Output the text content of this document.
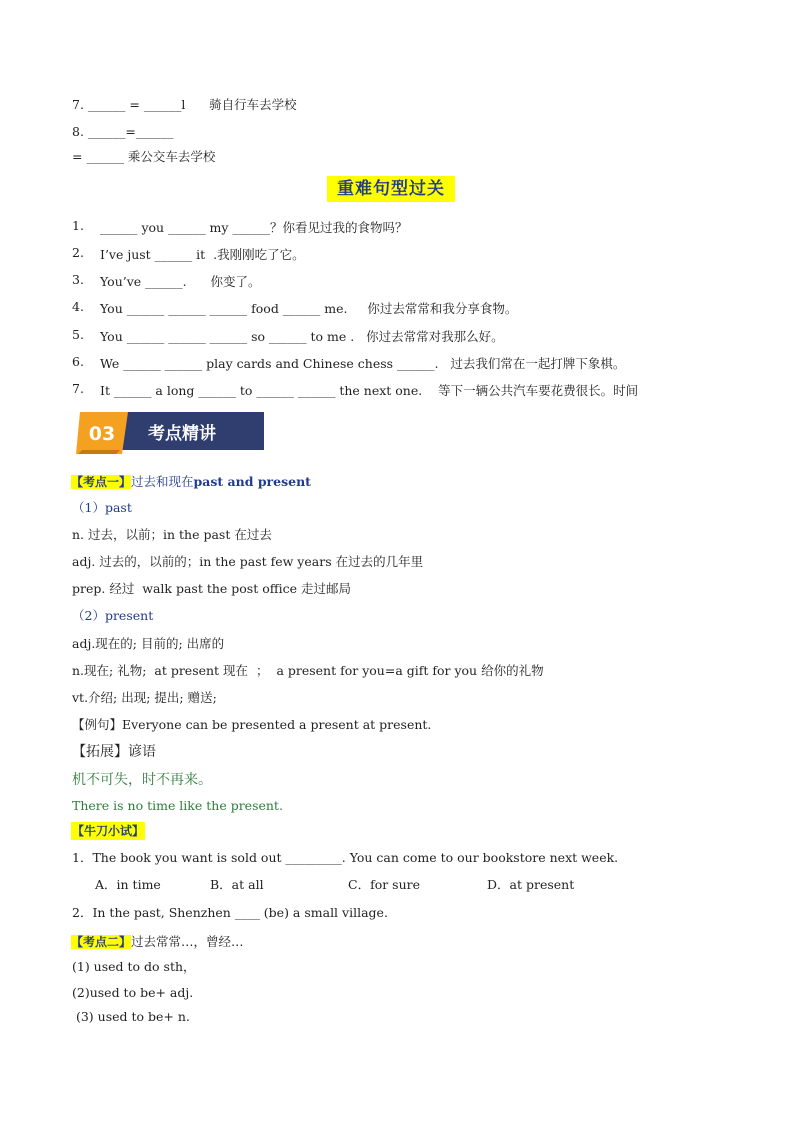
7. ______ = ______l      骑自行车去学校
8. ______=______
= ______ 乘公交车去学校
重难句型过关
1. ______ you ______ my ______？你看见过我的食物吗？
2. I’ve just ______ it  .我刚刚吃了它。
3. You’ve ______.      你变了。
4. You ______ ______ ______ food ______ me.     你过去常常和我分享食物。
5. You ______ ______ ______ so ______ to me .   你过去常常对我那么好。
6. We ______ ______ play cards and Chinese chess ______.   过去我们常在一起打牌下象棋。
7. It ______ a long ______ to ______ ______ the next one.    等下一辆公共汽车要花费很长。时间
03 考点精讲
【考点一】过去和现在past and present
（1）past
n. 过去，以前；in the past 在过去
adj. 过去的，以前的；in the past few years 在过去的几年里
prep. 经过  walk past the post office 走过邮局
（2）present
adj.现在的; 目前的; 出席的
n.现在; 礼物;  at present 现在  ；  a present for you=a gift for you 给你的礼物
vt.介绍; 出现; 提出; 赠送;
【例句】Everyone can be presented a present at present.
【拓展】谚语
机不可失，时不再来。
There is no time like the present.
【牛刀小试】
1．The book you want is sold out _________. You can come to our bookstore next week.
A．in time	B．at all	C．for sure	D．at present
2．In the past, Shenzhen ____ (be) a small village.
【考点二】过去常常…，曾经…
(1) used to do sth，
(2)used to be+ adj.
(3) used to be+ n.
